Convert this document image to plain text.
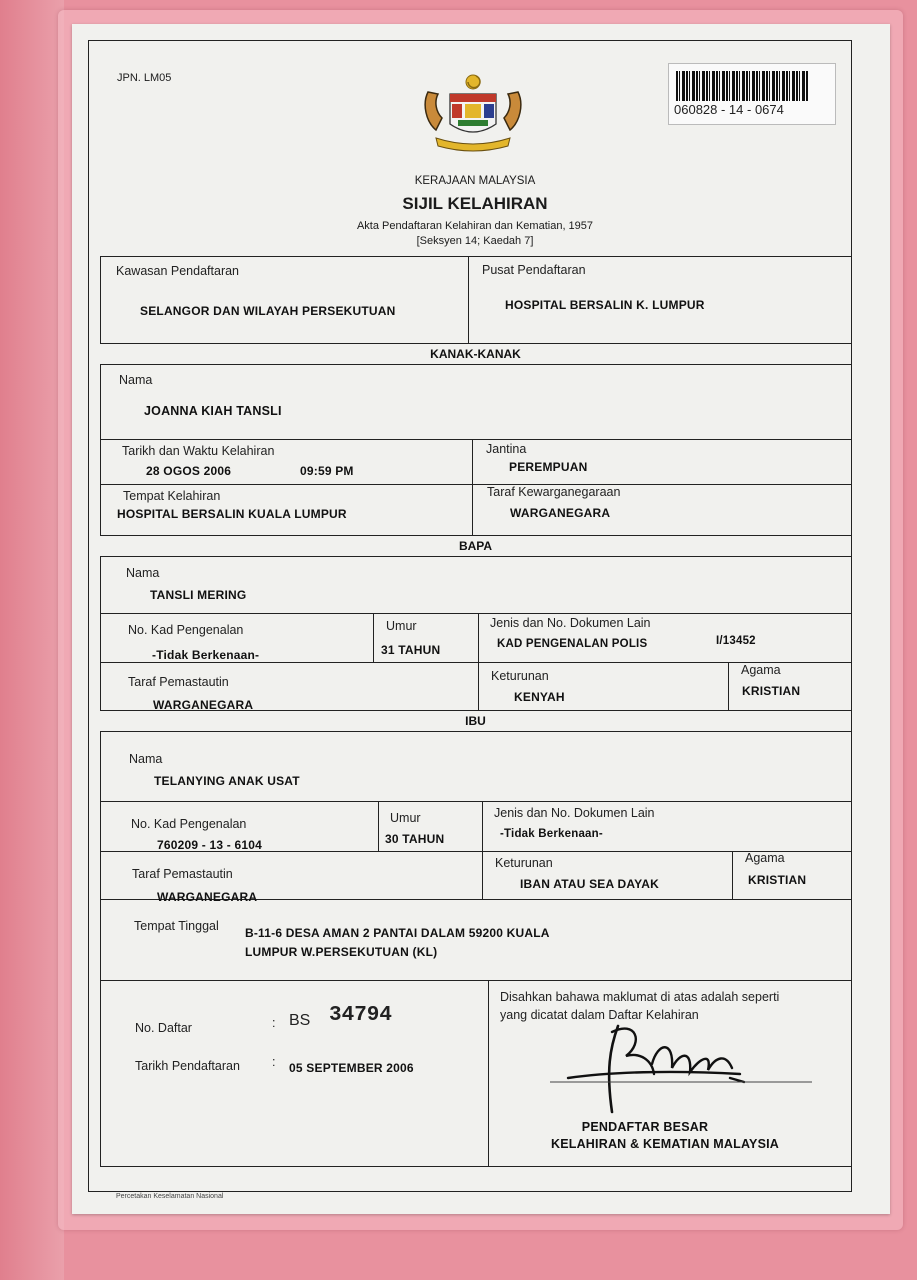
JPN. LM05
060828 - 14 - 0674
KERAJAAN MALAYSIA
SIJIL KELAHIRAN
Akta Pendaftaran Kelahiran dan Kematian, 1957
[Seksyen 14; Kaedah 7]
KANAK-KANAK
BAPA
IBU
Kawasan Pendaftaran
SELANGOR DAN WILAYAH PERSEKUTUAN
Pusat Pendaftaran
HOSPITAL BERSALIN K. LUMPUR
Nama
JOANNA KIAH TANSLI
Tarikh dan Waktu Kelahiran
28 OGOS 2006	09:59 PM
Jantina
PEREMPUAN
Tempat Kelahiran
HOSPITAL BERSALIN KUALA LUMPUR
Taraf Kewarganegaraan
WARGANEGARA
Nama
TANSLI MERING
No. Kad Pengenalan
-Tidak Berkenaan-
Umur
31 TAHUN
Jenis dan No. Dokumen Lain
KAD PENGENALAN POLIS	I/13452
Taraf Pemastautin
WARGANEGARA
Keturunan
KENYAH
Agama
KRISTIAN
Nama
TELANYING ANAK USAT
No. Kad Pengenalan
760209 - 13 - 6104
Umur
30 TAHUN
Jenis dan No. Dokumen Lain
-Tidak Berkenaan-
Taraf Pemastautin
WARGANEGARA
Keturunan
IBAN ATAU SEA DAYAK
Agama
KRISTIAN
Tempat Tinggal B-11-6 DESA AMAN 2 PANTAI DALAM 59200 KUALA
LUMPUR W.PERSEKUTUAN (KL)
No. Daftar	: BS 34794
Tarikh Pendaftaran	: 05 SEPTEMBER 2006
Disahkan bahawa maklumat di atas adalah seperti
yang dicatat dalam Daftar Kelahiran
PENDAFTAR BESAR
KELAHIRAN & KEMATIAN MALAYSIA
Percetakan Keselamatan Nasional
